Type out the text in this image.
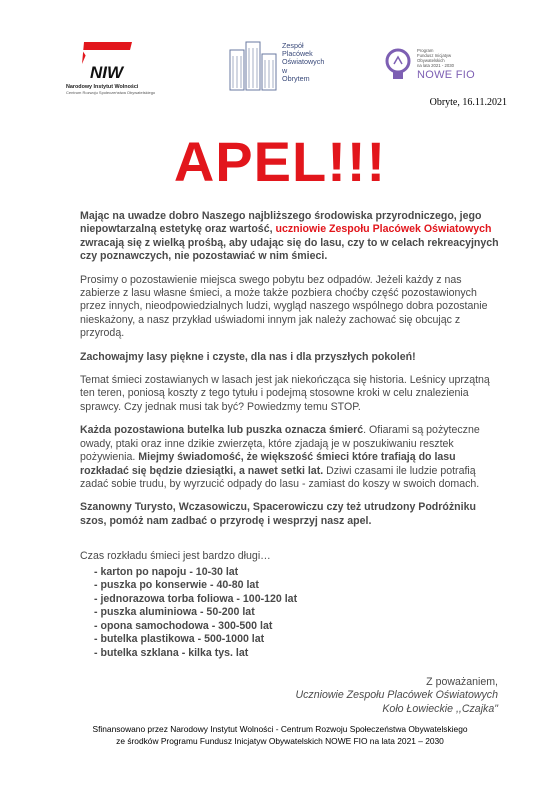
NIW
Narodowy Instytut Wolności
Centrum Rozwoju Społeczeństwa Obywatelskiego
Zespół
Placówek
Oświatowych
w
Obrytem
Program
Fundusz Inicjatyw
Obywatelskich
na lata 2021 - 2030
NOWE FIO
Obryte, 16.11.2021
APEL!!!

Mając na uwadze dobro Naszego najbliższego środowiska przyrodniczego, jego niepowtarzalną estetykę oraz wartość, uczniowie Zespołu Placówek Oświatowych zwracają się z wielką prośbą, aby udając się do lasu, czy to w celach rekreacyjnych czy poznawczych, nie pozostawiać w nim śmieci.

Prosimy o pozostawienie miejsca swego pobytu bez odpadów. Jeżeli każdy z nas zabierze z lasu własne śmieci, a może także pozbiera choćby część pozostawionych przez innych, nieodpowiedzialnych ludzi, wygląd naszego wspólnego dobra pozostanie nieskażony, a nasz przykład uświadomi innym jak należy zachować się obcując z przyrodą.

Zachowajmy lasy piękne i czyste, dla nas i dla przyszłych pokoleń!

Temat śmieci zostawianych w lasach jest jak niekończąca się historia. Leśnicy uprzątną ten teren, poniosą koszty z tego tytułu i podejmą stosowne kroki w celu znalezienia sprawcy. Czy jednak musi tak być? Powiedzmy temu STOP.

Każda pozostawiona butelka lub puszka oznacza śmierć. Ofiarami są pożyteczne owady, ptaki oraz inne dzikie zwierzęta, które zjadają je w poszukiwaniu resztek pożywienia. Miejmy świadomość, że większość śmieci które trafiają do lasu rozkładać się będzie dziesiątki, a nawet setki lat. Dziwi czasami ile ludzie potrafią zadać sobie trudu, by wyrzucić odpady do lasu - zamiast do koszy w swoich domach.

Szanowny Turysto, Wczasowiczu, Spacerowiczu czy też utrudzony Podróżniku szos, pomóż nam zadbać o przyrodę i wesprzyj nasz apel.

Czas rozkładu śmieci jest bardzo długi…

- karton po napoju - 10-30 lat
- puszka po konserwie - 40-80 lat
- jednorazowa torba foliowa - 100-120 lat
- puszka aluminiowa - 50-200 lat
- opona samochodowa - 300-500 lat
- butelka plastikowa - 500-1000 lat
- butelka szklana - kilka tys. lat
Z poważaniem,
Uczniowie Zespołu Placówek Oświatowych
Koło Łowieckie ,,Czajka"
Sfinansowano przez Narodowy Instytut Wolności - Centrum Rozwoju Społeczeństwa Obywatelskiego
ze środków Programu Fundusz Inicjatyw Obywatelskich NOWE FIO na lata 2021 – 2030
